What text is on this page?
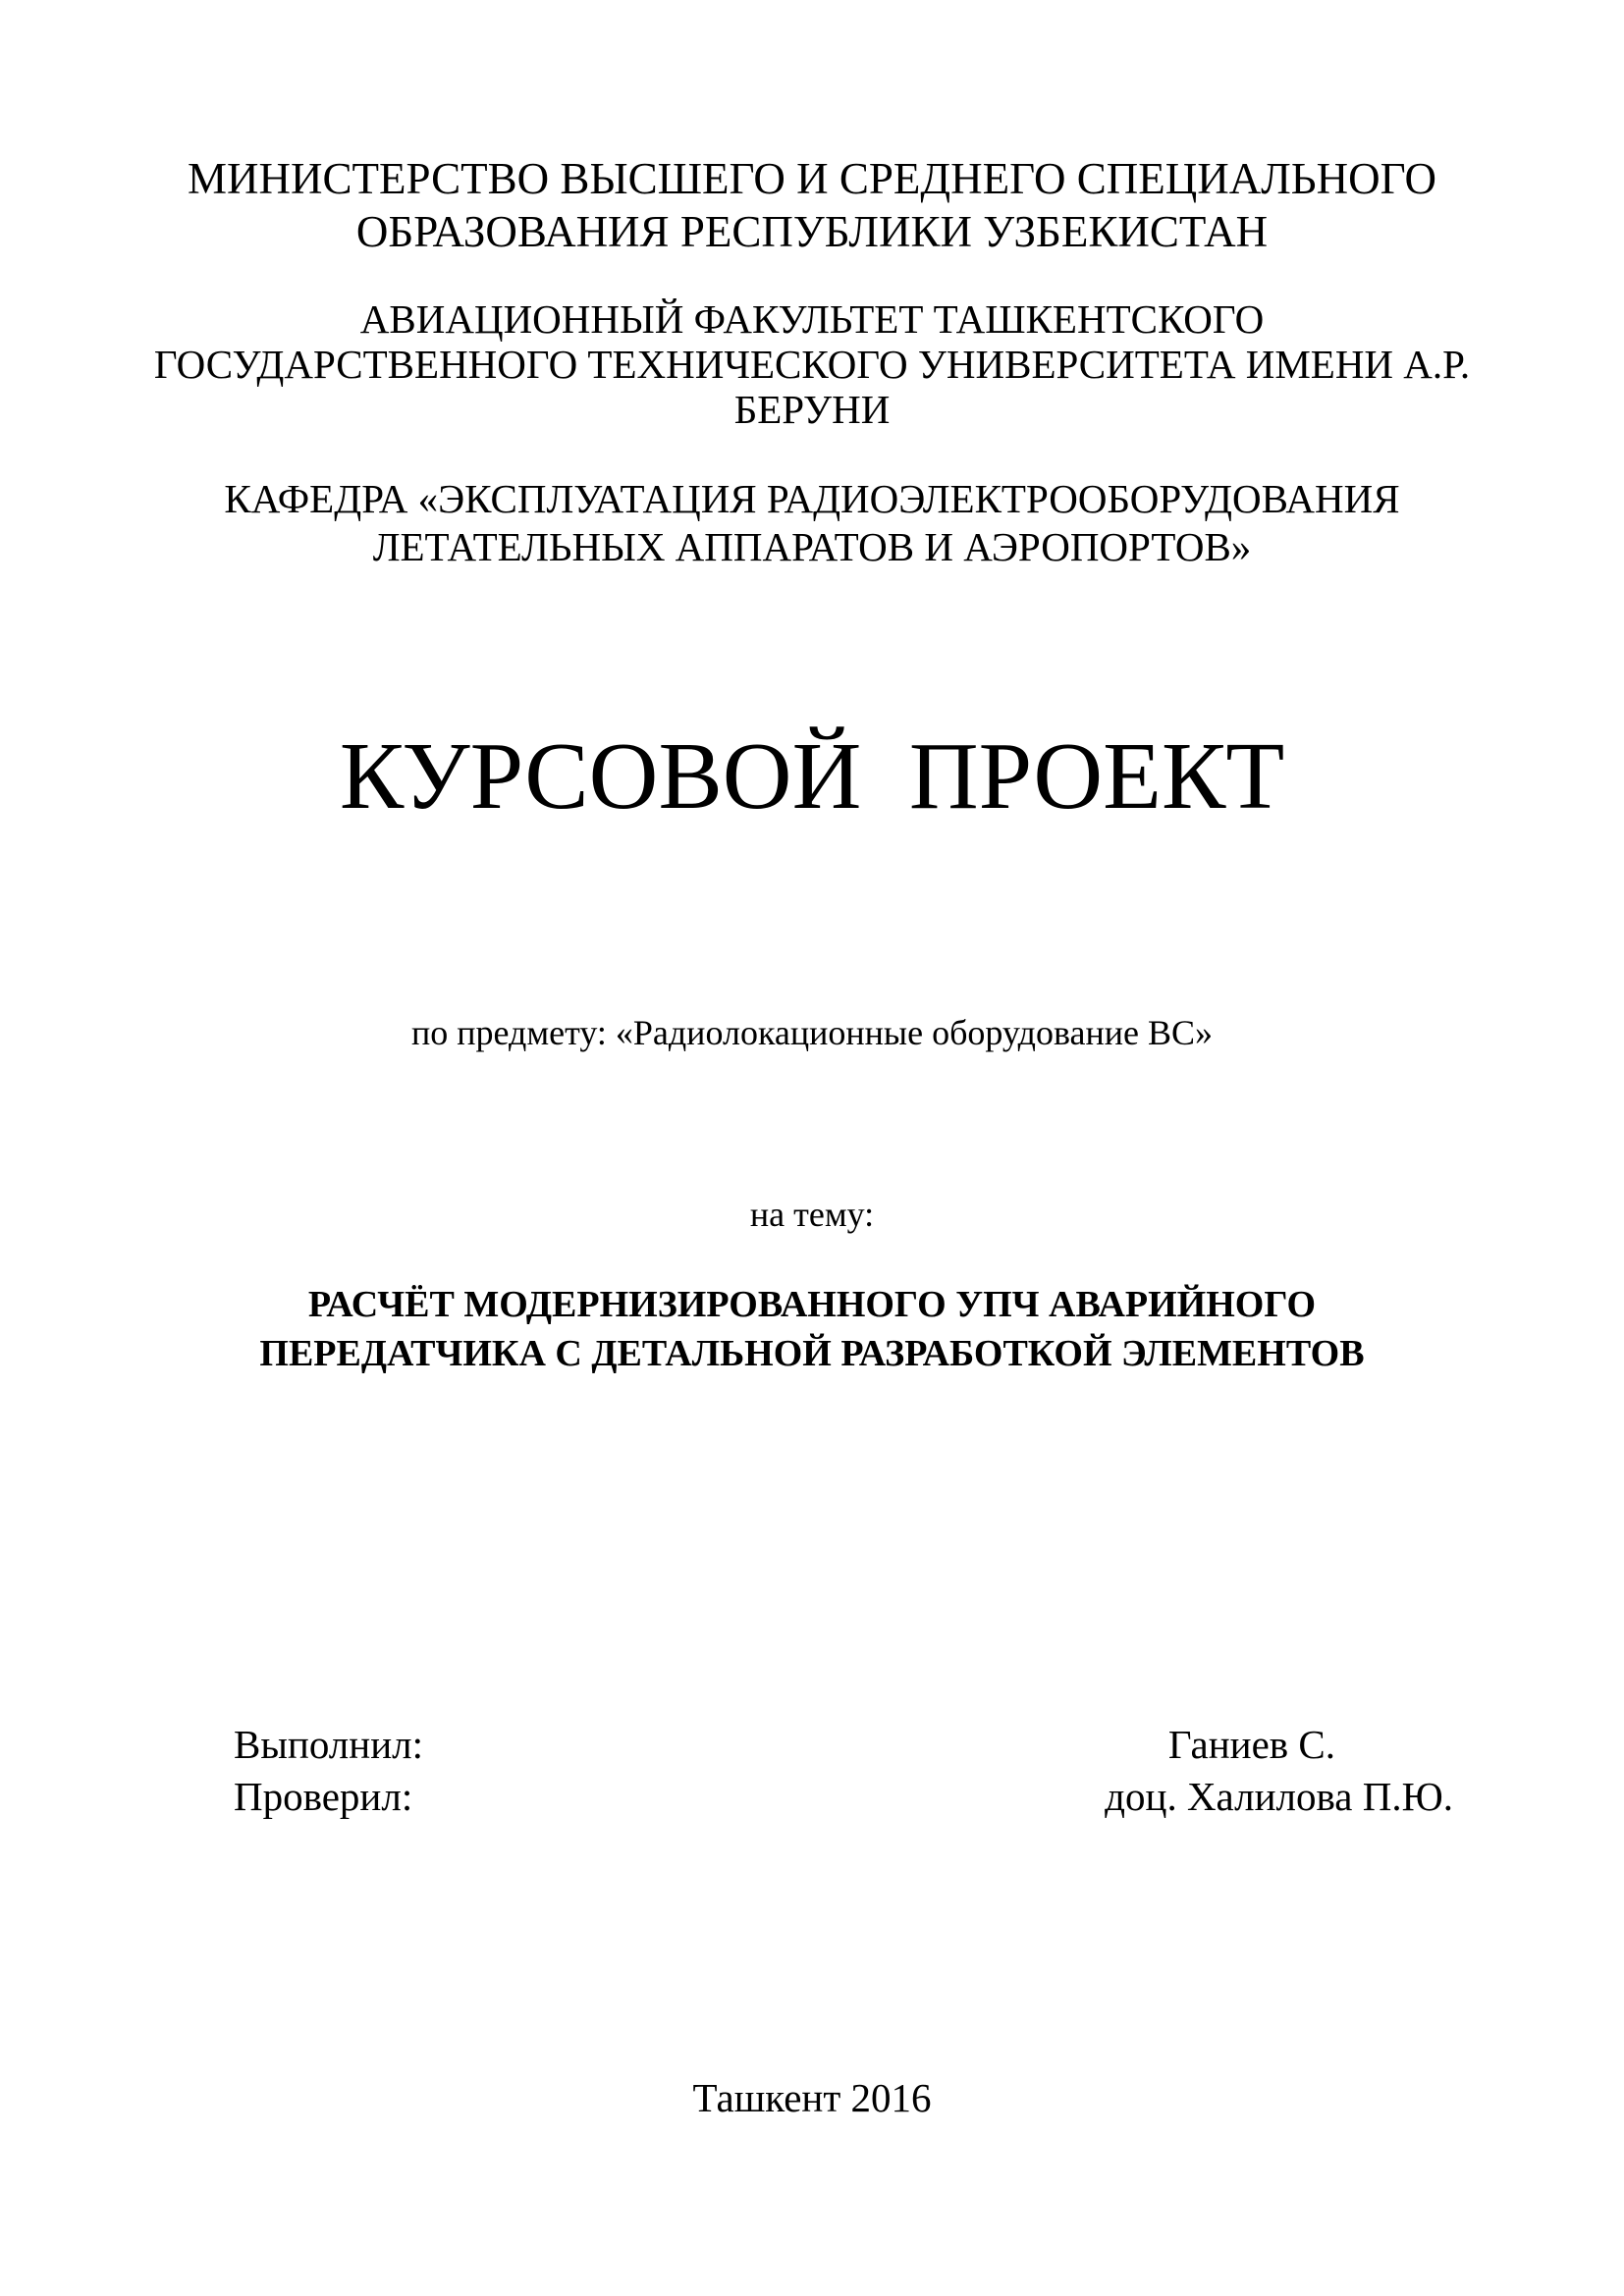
МИНИСТЕРСТВО ВЫСШЕГО И СРЕДНЕГО СПЕЦИАЛЬНОГО
ОБРАЗОВАНИЯ РЕСПУБЛИКИ УЗБЕКИСТАН
АВИАЦИОННЫЙ ФАКУЛЬТЕТ ТАШКЕНТСКОГО
ГОСУДАРСТВЕННОГО ТЕХНИЧЕСКОГО УНИВЕРСИТЕТА ИМЕНИ А.Р.
БЕРУНИ
КАФЕДРА «ЭКСПЛУАТАЦИЯ РАДИОЭЛЕКТРООБОРУДОВАНИЯ
ЛЕТАТЕЛЬНЫХ АППАРАТОВ И АЭРОПОРТОВ»
КУРСОВОЙ ПРОЕКТ
по предмету: «Радиолокационные оборудование ВС»
на тему:
РАСЧЁТ МОДЕРНИЗИРОВАННОГО УПЧ АВАРИЙНОГО
ПЕРЕДАТЧИКА С ДЕТАЛЬНОЙ РАЗРАБОТКОЙ ЭЛЕМЕНТОВ
Выполнил:	Ганиев С.
Проверил:	доц. Халилова П.Ю.
Ташкент 2016
